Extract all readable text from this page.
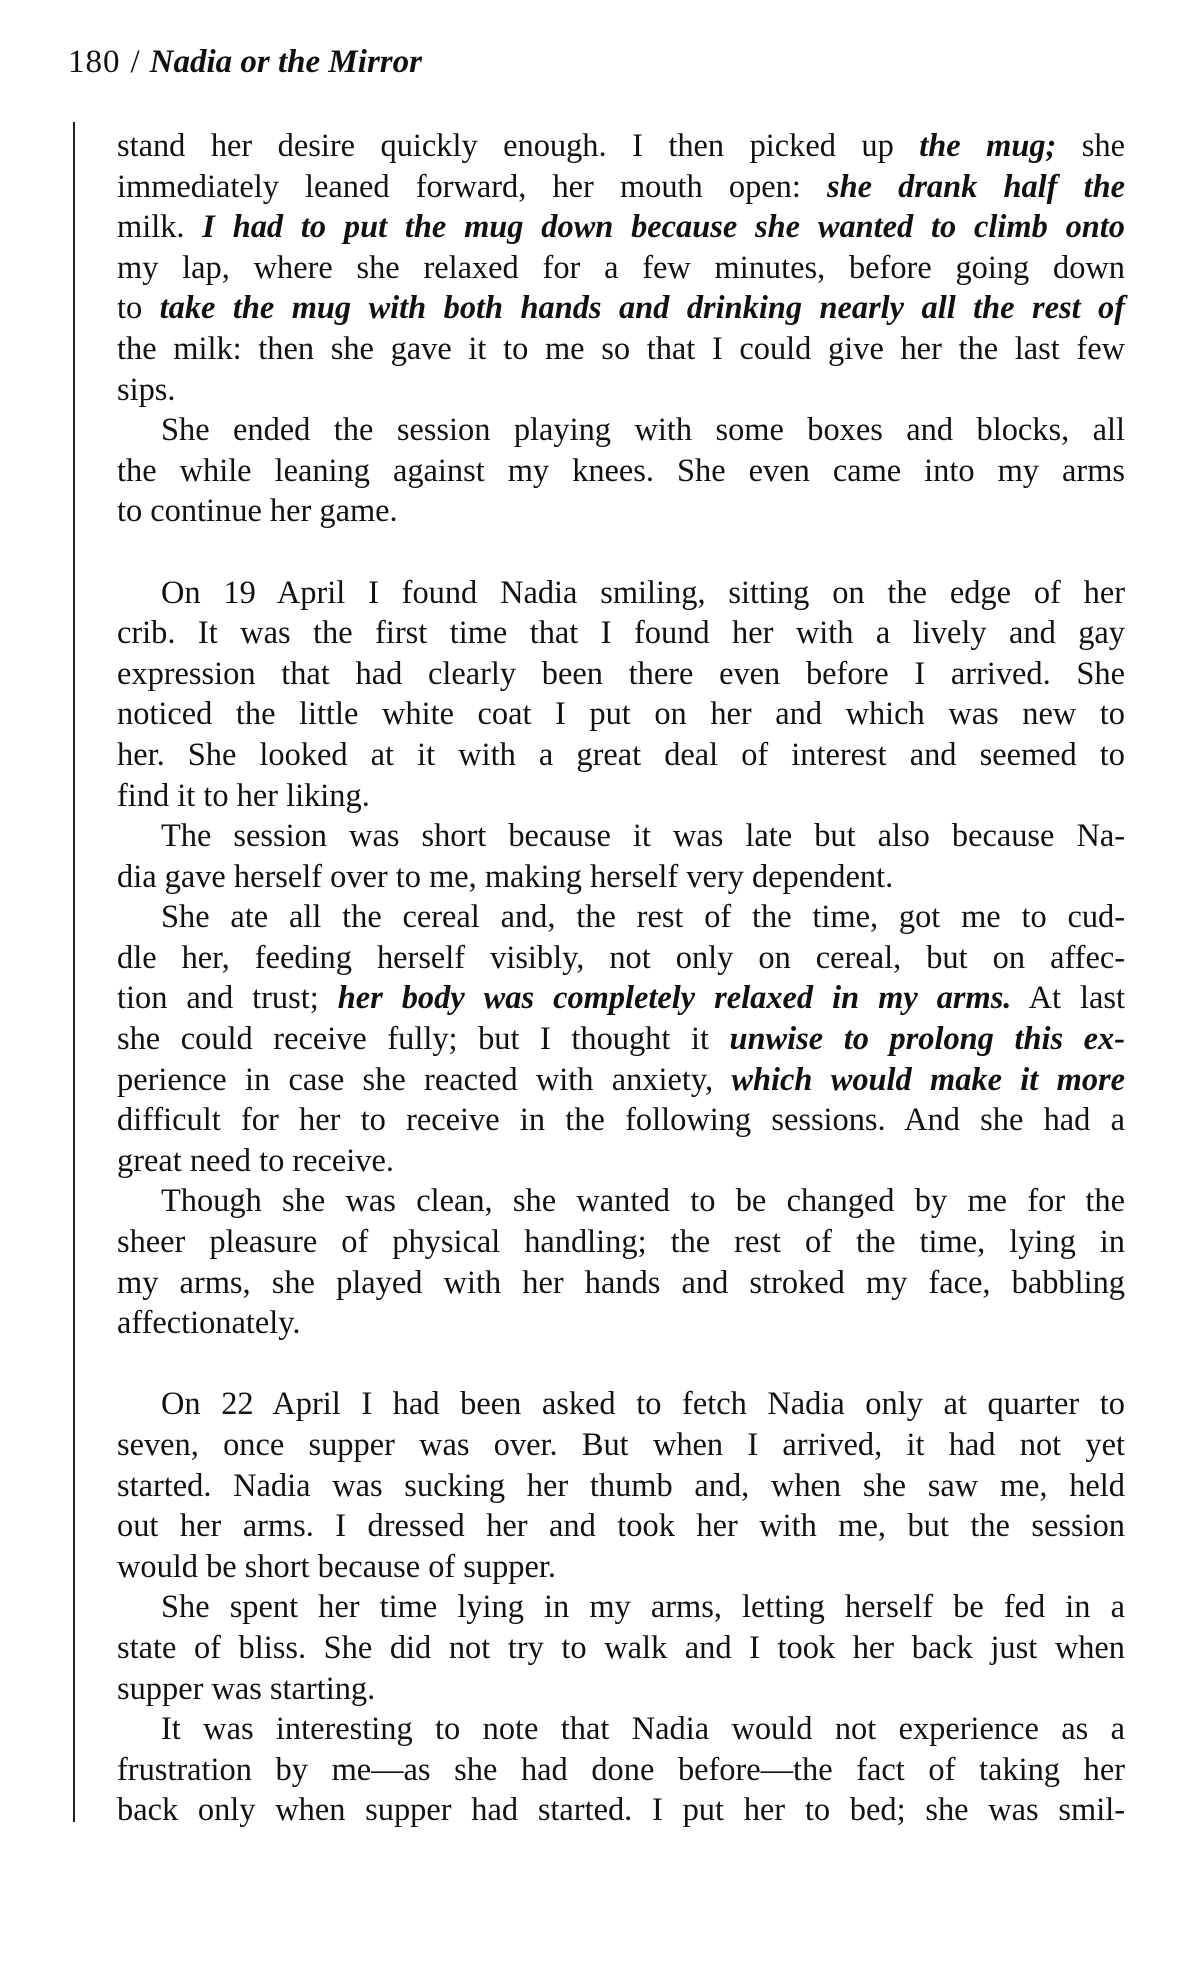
180 / Nadia or the Mirror

stand her desire quickly enough. I then picked up the mug; she
immediately leaned forward, her mouth open: she drank half the
milk. I had to put the mug down because she wanted to climb onto
my lap, where she relaxed for a few minutes, before going down
to take the mug with both hands and drinking nearly all the rest of
the milk: then she gave it to me so that I could give her the last few
sips.

She ended the session playing with some boxes and blocks, all
the while leaning against my knees. She even came into my arms
to continue her game.

On 19 April I found Nadia smiling, sitting on the edge of her
crib. It was the first time that I found her with a lively and gay
expression that had clearly been there even before I arrived. She
noticed the little white coat I put on her and which was new to
her. She looked at it with a great deal of interest and seemed to
find it to her liking.

The session was short because it was late but also because Na-
dia gave herself over to me, making herself very dependent.

She ate all the cereal and, the rest of the time, got me to cud-
dle her, feeding herself visibly, not only on cereal, but on affec-
tion and trust; her body was completely relaxed in my arms. At last
she could receive fully; but I thought it unwise to prolong this ex-
perience in case she reacted with anxiety, which would make it more
difficult for her to receive in the following sessions. And she had a
great need to receive.

Though she was clean, she wanted to be changed by me for the
sheer pleasure of physical handling; the rest of the time, lying in
my arms, she played with her hands and stroked my face, babbling
affectionately.

On 22 April I had been asked to fetch Nadia only at quarter to
seven, once supper was over. But when I arrived, it had not yet
started. Nadia was sucking her thumb and, when she saw me, held
out her arms. I dressed her and took her with me, but the session
would be short because of supper.

She spent her time lying in my arms, letting herself be fed in a
state of bliss. She did not try to walk and I took her back just when
supper was starting.

It was interesting to note that Nadia would not experience as a
frustration by me—as she had done before—the fact of taking her
back only when supper had started. I put her to bed; she was smil-
